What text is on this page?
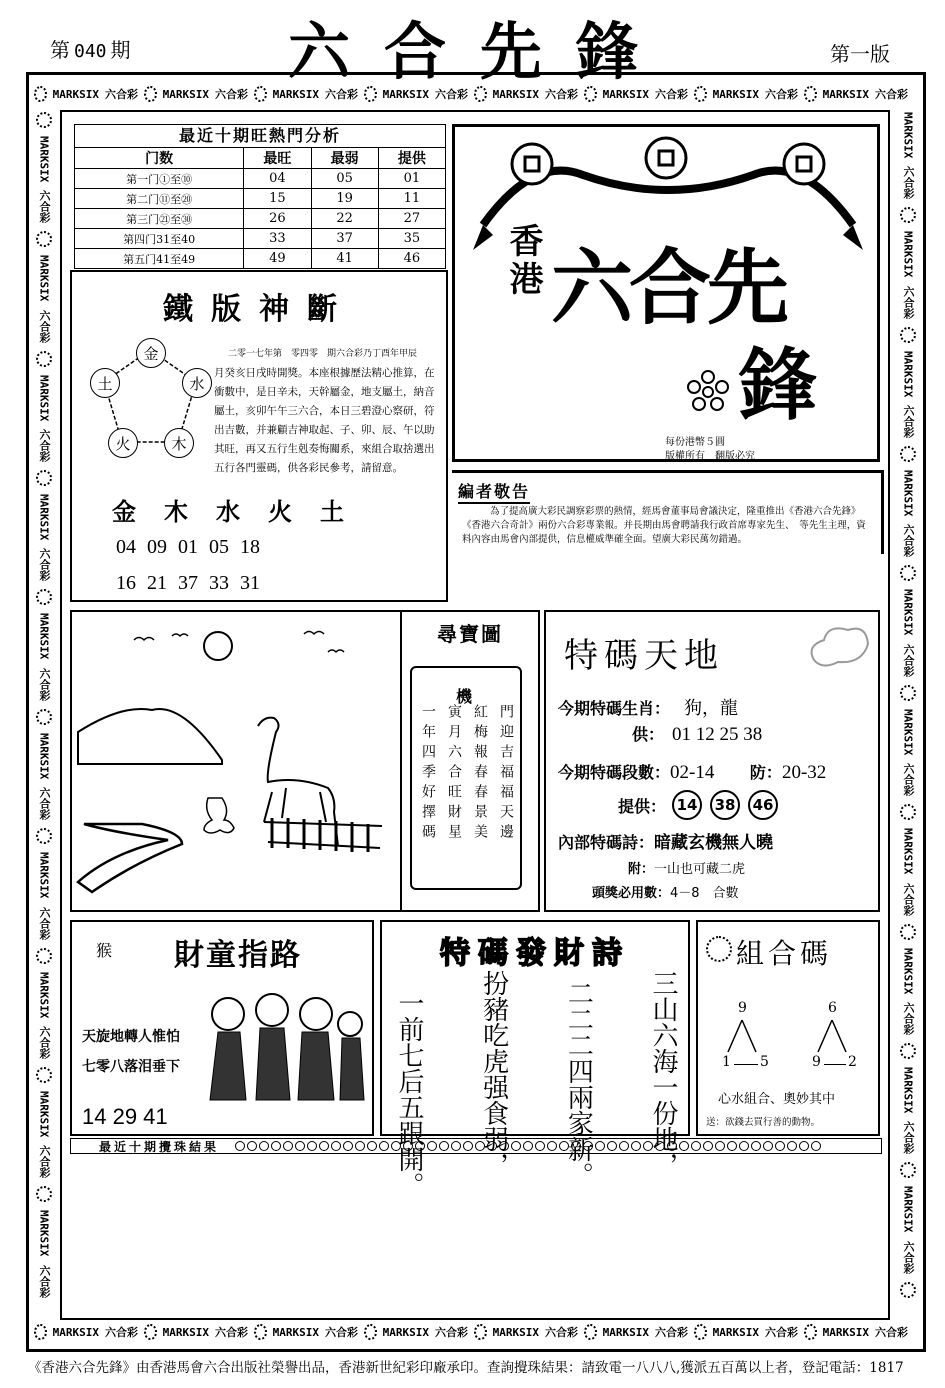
第 040 期	六合先鋒	第一版
MARKSIX 六合彩 MARKSIX 六合彩 MARKSIX 六合彩 MARKSIX 六合彩 MARKSIX 六合彩 MARKSIX 六合彩 MARKSIX 六合彩 MARKSIX 六合彩
MARKSIX 六合彩 MARKSIX 六合彩 MARKSIX 六合彩 MARKSIX 六合彩 MARKSIX 六合彩 MARKSIX 六合彩 MARKSIX 六合彩 MARKSIX 六合彩
MARKSIX
六合彩
MARKSIX
六合彩
MARKSIX
六合彩
MARKSIX
六合彩
MARKSIX
六合彩
MARKSIX
六合彩
MARKSIX
六合彩
MARKSIX
六合彩
MARKSIX
六合彩
MARKSIX
六合彩
MARKSIX
六合彩
MARKSIX
六合彩
MARKSIX
六合彩
MARKSIX
六合彩
MARKSIX
六合彩
MARKSIX
六合彩
MARKSIX
六合彩
MARKSIX
六合彩
MARKSIX
六合彩
MARKSIX
六合彩
最近十期旺熱門分析
门数	最旺	最弱	提供
第一门①至⑩	04	05	01
第二门⑪至⑳	15	19	11
第三门㉑至㉚	26	22	27
第四门31至40	33	37	35
第五门41至49	49	41	46
鐵版神斷
金
水
木
火
土
二零一七年第　零四零　期六合彩乃丁酉年甲辰
月癸亥日戌時開獎。本座根據歷法精心推算，在衝數中，是日辛未，天幹屬金，地支屬土，納音屬土，亥卯午午三六合，本日三碧澄心察研，符出吉數，并兼顧吉神取起、子、卯、辰、午以助其旺，再又五行生剋奏悔關系，來組合取捨選出五行各門靈碼，供各彩民參考，請留意。
金木水火土
04 09 01 05 18
16 21 37 33 31
香港 六合先
鋒
每份港幣５圓
版權所有　翻版必究
編者敬告
為了提高廣大彩民調察彩票的熱情，經馬會董事局會議決定，隆重推出《香港六合先鋒》《香港六合奇計》兩份六合彩專業報。并長期由馬會聘請我行政首席專家先生、　等先生主理，資料內容由馬會內部提供，信息權威準確全面。望廣大彩民萬勿錯過。
尋寶圖
機
門迎吉福福天邊
紅梅報春春景美
寅月六合旺財星
一年四季好擇碼
特碼天地
今期特碼生肖： 狗，龍
供： 01 12 25 38
今期特碼段數：02-14 防：20-32
提供： 14	38	46
內部特碼詩：暗藏玄機無人曉
附：一山也可藏二虎
頭獎必用數：4－8　合數
猴 財童指路
天旋地轉人惟怕
七零八落泪垂下
14 29 41
特碼發財詩
三山六海一份地，
二二二四兩家新。
扮豬吃虎强食弱，
一前七后五跟開。
組合碼
9
1 5
6
9 2
心水組合、奧妙其中
送：欲錢去買行善的動物。
最近十期攪珠結果
《香港六合先鋒》由香港馬會六合出版社榮譽出品，香港新世紀彩印廠承印。查詢攪珠結果：請致電一八八八,獲派五百萬以上者，登記電話：1817
